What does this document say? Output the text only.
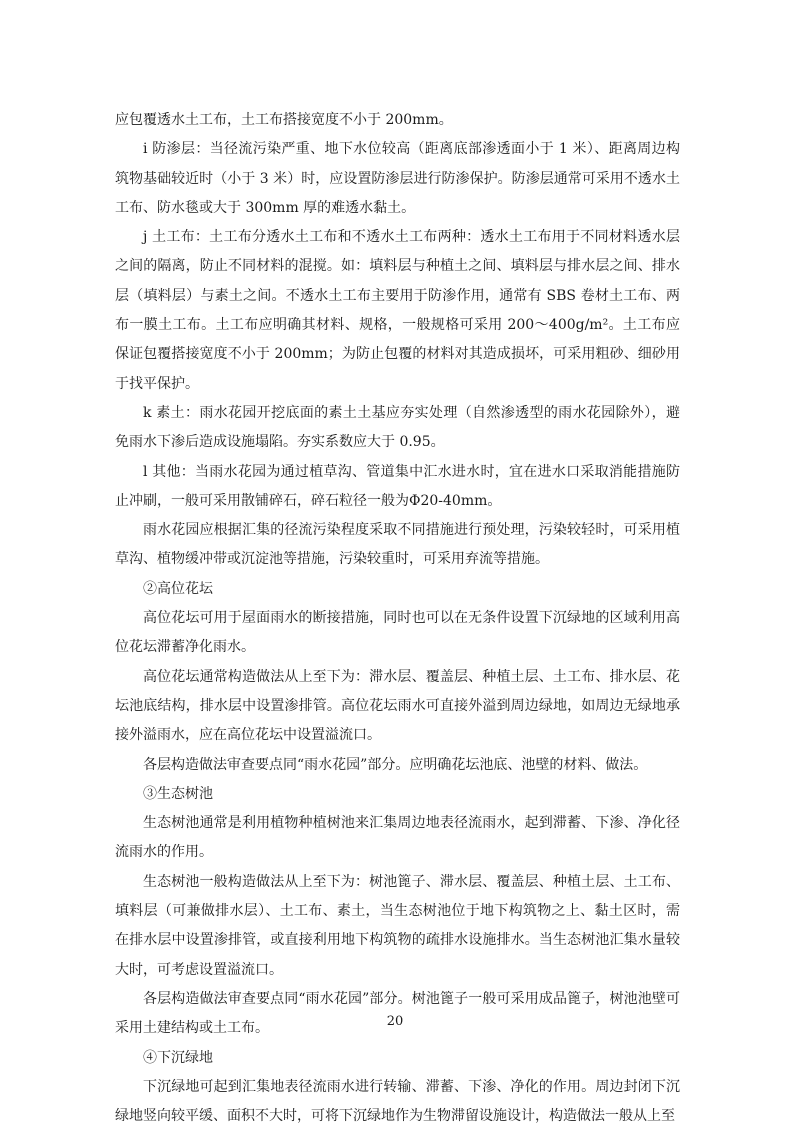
应包覆透水土工布，土工布搭接宽度不小于 200mm。

i 防渗层：当径流污染严重、地下水位较高（距离底部渗透面小于 1 米）、距离周边构筑物基础较近时（小于 3 米）时，应设置防渗层进行防渗保护。防渗层通常可采用不透水土工布、防水毯或大于 300mm 厚的难透水黏土。

j 土工布：土工布分透水土工布和不透水土工布两种：透水土工布用于不同材料透水层之间的隔离，防止不同材料的混搅。如：填料层与种植土之间、填料层与排水层之间、排水层（填料层）与素土之间。不透水土工布主要用于防渗作用，通常有 SBS 卷材土工布、两布一膜土工布。土工布应明确其材料、规格，一般规格可采用 200～400g/m²。土工布应保证包覆搭接宽度不小于 200mm；为防止包覆的材料对其造成损坏，可采用粗砂、细砂用于找平保护。

k 素土：雨水花园开挖底面的素土土基应夯实处理（自然渗透型的雨水花园除外），避免雨水下渗后造成设施塌陷。夯实系数应大于 0.95。

l 其他：当雨水花园为通过植草沟、管道集中汇水进水时，宜在进水口采取消能措施防止冲刷，一般可采用散铺碎石，碎石粒径一般为Φ20-40mm。

雨水花园应根据汇集的径流污染程度采取不同措施进行预处理，污染较轻时，可采用植草沟、植物缓冲带或沉淀池等措施，污染较重时，可采用弃流等措施。

②高位花坛

高位花坛可用于屋面雨水的断接措施，同时也可以在无条件设置下沉绿地的区域利用高位花坛滞蓄净化雨水。

高位花坛通常构造做法从上至下为：滞水层、覆盖层、种植土层、土工布、排水层、花坛池底结构，排水层中设置渗排管。高位花坛雨水可直接外溢到周边绿地，如周边无绿地承接外溢雨水，应在高位花坛中设置溢流口。

各层构造做法审查要点同“雨水花园”部分。应明确花坛池底、池壁的材料、做法。

③生态树池

生态树池通常是利用植物种植树池来汇集周边地表径流雨水，起到滞蓄、下渗、净化径流雨水的作用。

生态树池一般构造做法从上至下为：树池篦子、滞水层、覆盖层、种植土层、土工布、填料层（可兼做排水层）、土工布、素土，当生态树池位于地下构筑物之上、黏土区时，需在排水层中设置渗排管，或直接利用地下构筑物的疏排水设施排水。当生态树池汇集水量较大时，可考虑设置溢流口。

各层构造做法审查要点同“雨水花园”部分。树池篦子一般可采用成品篦子，树池池壁可采用土建结构或土工布。

④下沉绿地

下沉绿地可起到汇集地表径流雨水进行转输、滞蓄、下渗、净化的作用。周边封闭下沉绿地竖向较平缓、面积不大时，可将下沉绿地作为生物滞留设施设计，构造做法一般从上至

20
